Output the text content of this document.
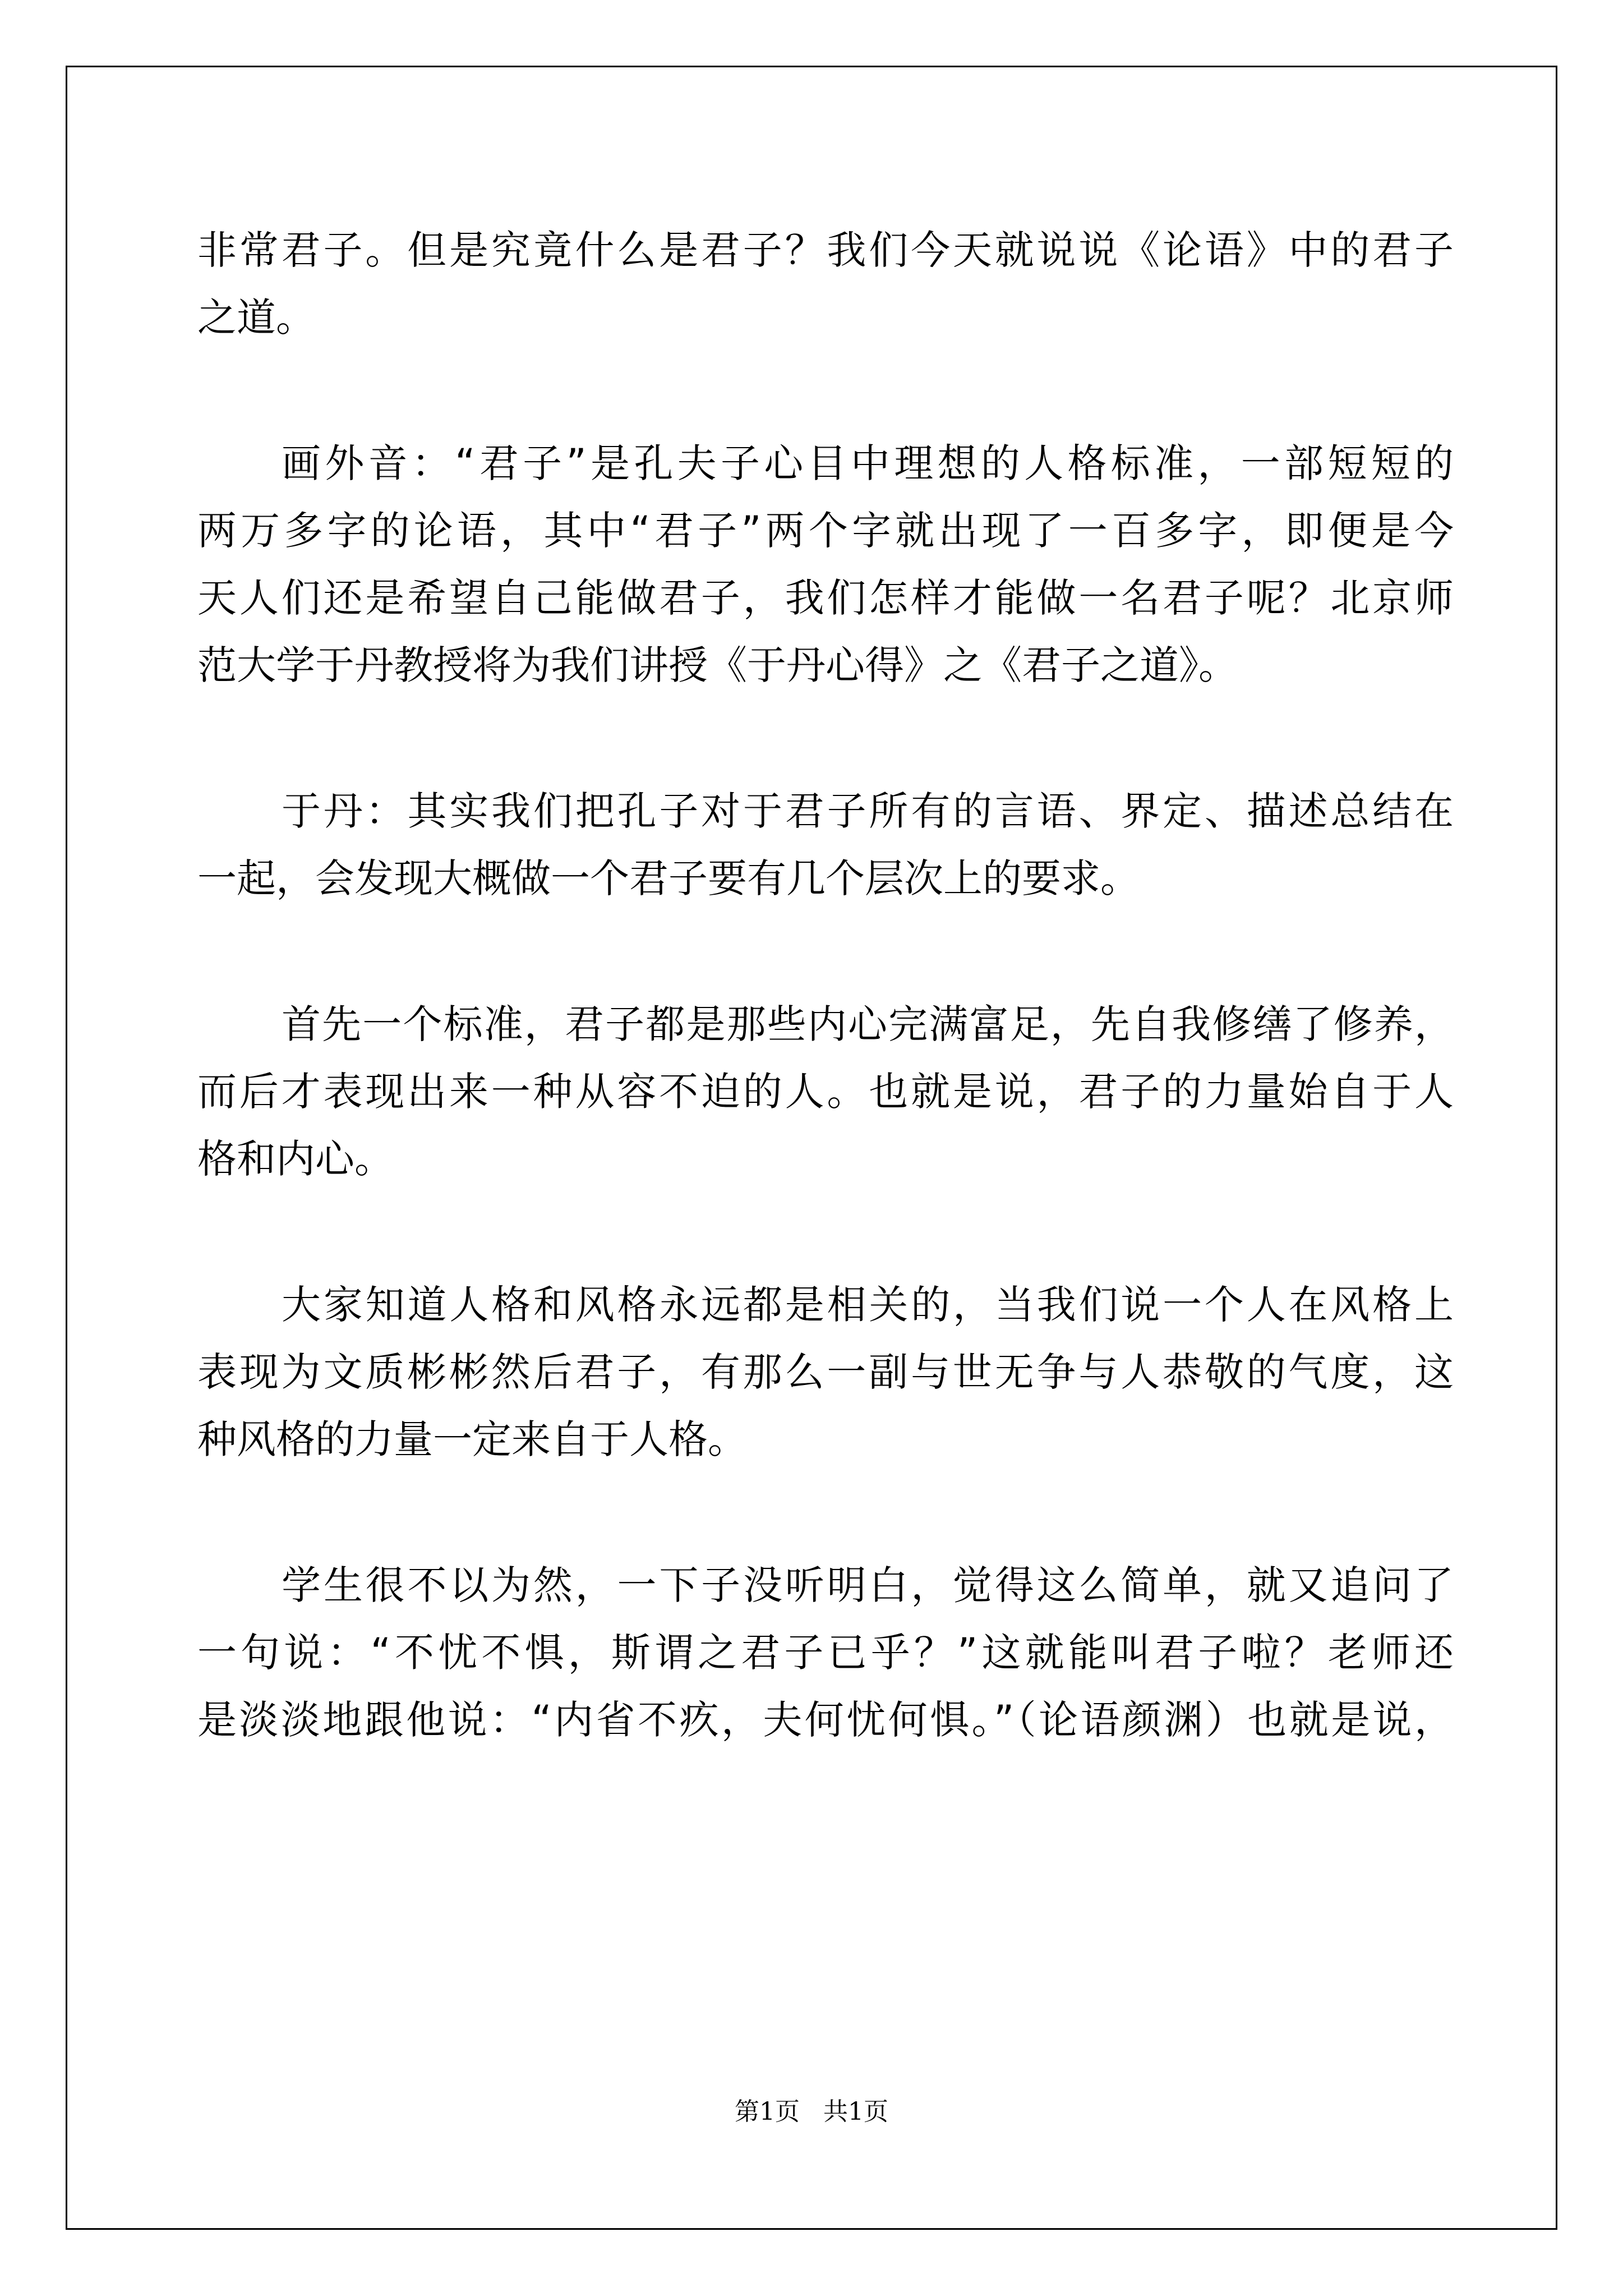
非常君子。但是究竟什么是君子？我们今天就说说《论语》中的君子
之道。
画外音：“君子”是孔夫子心目中理想的人格标准，一部短短的
两万多字的论语，其中“君子”两个字就出现了一百多字，即便是今
天人们还是希望自己能做君子，我们怎样才能做一名君子呢？北京师
范大学于丹教授将为我们讲授《于丹心得》之《君子之道》。
于丹：其实我们把孔子对于君子所有的言语、界定、描述总结在
一起，会发现大概做一个君子要有几个层次上的要求。
首先一个标准，君子都是那些内心完满富足，先自我修缮了修养，
而后才表现出来一种从容不迫的人。也就是说，君子的力量始自于人
格和内心。
大家知道人格和风格永远都是相关的，当我们说一个人在风格上
表现为文质彬彬然后君子，有那么一副与世无争与人恭敬的气度，这
种风格的力量一定来自于人格。
学生很不以为然，一下子没听明白，觉得这么简单，就又追问了
一句说：“不忧不惧，斯谓之君子已乎？”这就能叫君子啦？老师还
是淡淡地跟他说：“内省不疚，夫何忧何惧。”（论语颜渊）也就是说，
第1页   共1页
